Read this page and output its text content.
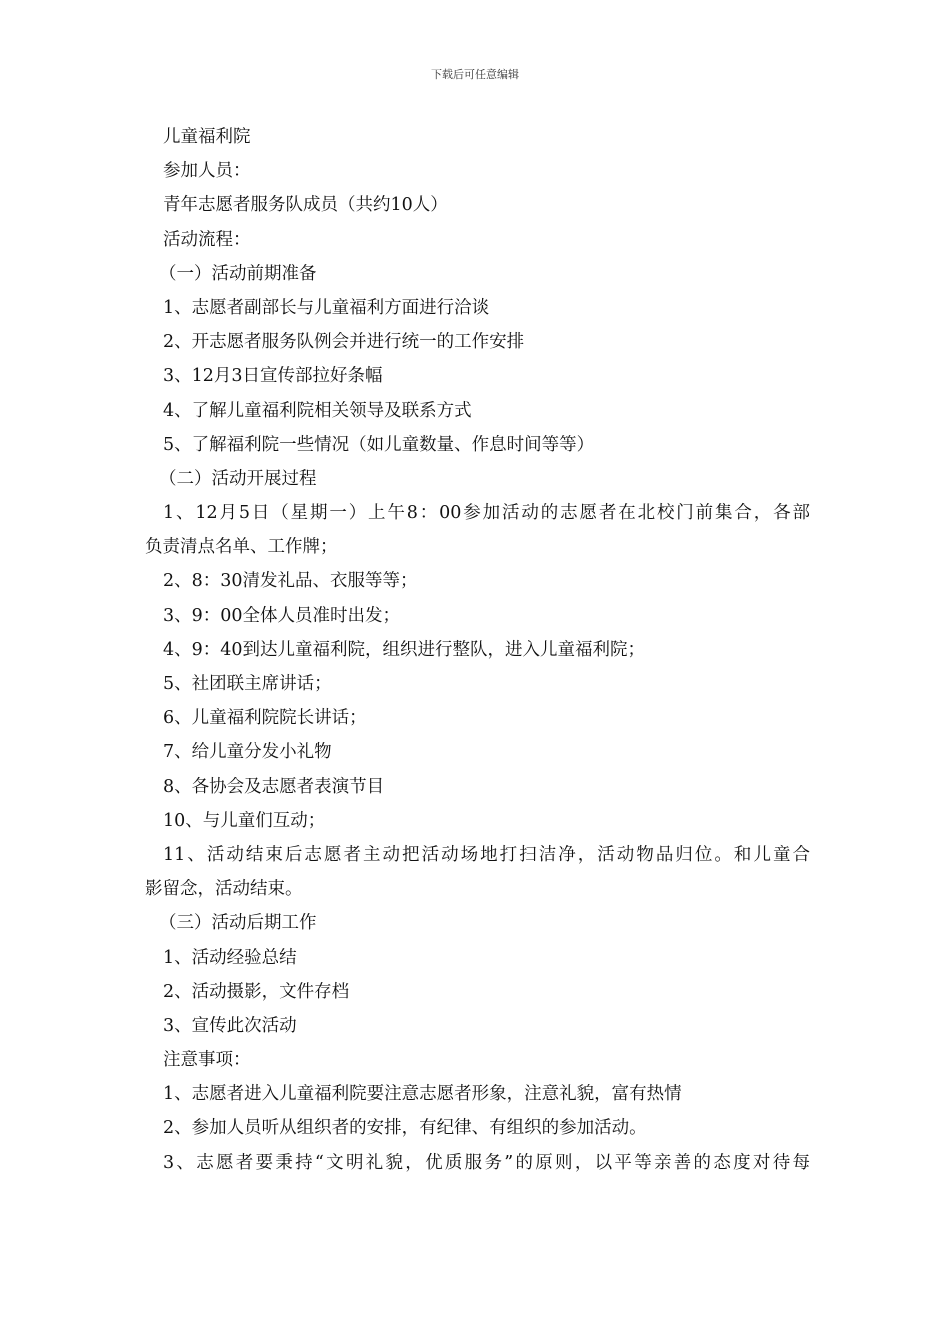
下载后可任意编辑
儿童福利院
参加人员：
青年志愿者服务队成员（共约10人）
活动流程：
（一）活动前期准备
1、志愿者副部长与儿童福利方面进行洽谈
2、开志愿者服务队例会并进行统一的工作安排
3、12月3日宣传部拉好条幅
4、了解儿童福利院相关领导及联系方式
5、了解福利院一些情况（如儿童数量、作息时间等等）
（二）活动开展过程
1、12月5日（星期一）上午8：00参加活动的志愿者在北校门前集合，各部
负责清点名单、工作牌；
2、8：30清发礼品、衣服等等；
3、9：00全体人员准时出发；
4、9：40到达儿童福利院，组织进行整队，进入儿童福利院；
5、社团联主席讲话；
6、儿童福利院院长讲话；
7、给儿童分发小礼物
8、各协会及志愿者表演节目
10、与儿童们互动；
11、活动结束后志愿者主动把活动场地打扫洁净，活动物品归位。和儿童合
影留念，活动结束。
（三）活动后期工作
1、活动经验总结
2、活动摄影，文件存档
3、宣传此次活动
注意事项：
1、志愿者进入儿童福利院要注意志愿者形象，注意礼貌，富有热情
2、参加人员听从组织者的安排，有纪律、有组织的参加活动。
3、志愿者要秉持“文明礼貌，优质服务”的原则，以平等亲善的态度对待每
